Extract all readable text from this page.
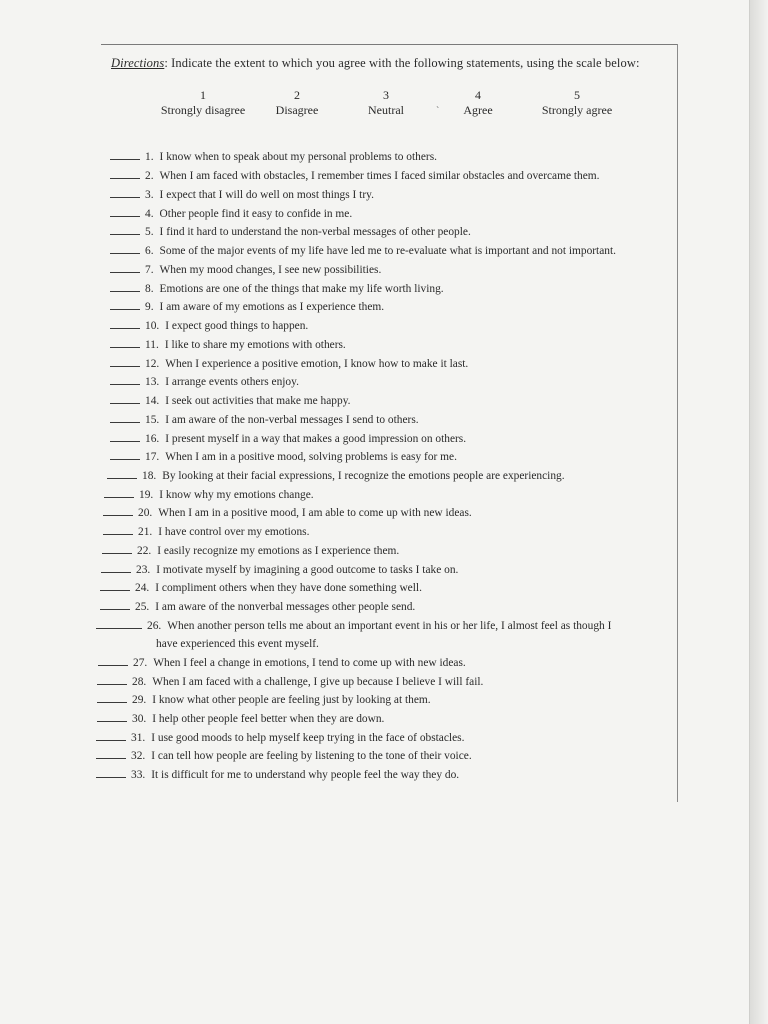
Directions: Indicate the extent to which you agree with the following statements, using the scale below:
1
Strongly disagree
2
Disagree
3
Neutral
4
Agree
5
Strongly agree
`
1. I know when to speak about my personal problems to others.
2. When I am faced with obstacles, I remember times I faced similar obstacles and overcame them.
3. I expect that I will do well on most things I try.
4. Other people find it easy to confide in me.
5. I find it hard to understand the non-verbal messages of other people.
6. Some of the major events of my life have led me to re-evaluate what is important and not important.
7. When my mood changes, I see new possibilities.
8. Emotions are one of the things that make my life worth living.
9. I am aware of my emotions as I experience them.
10. I expect good things to happen.
11. I like to share my emotions with others.
12. When I experience a positive emotion, I know how to make it last.
13. I arrange events others enjoy.
14. I seek out activities that make me happy.
15. I am aware of the non-verbal messages I send to others.
16. I present myself in a way that makes a good impression on others.
17. When I am in a positive mood, solving problems is easy for me.
18. By looking at their facial expressions, I recognize the emotions people are experiencing.
19. I know why my emotions change.
20. When I am in a positive mood, I am able to come up with new ideas.
21. I have control over my emotions.
22. I easily recognize my emotions as I experience them.
23. I motivate myself by imagining a good outcome to tasks I take on.
24. I compliment others when they have done something well.
25. I am aware of the nonverbal messages other people send.
26. When another person tells me about an important event in his or her life, I almost feel as though I
have experienced this event myself.
27. When I feel a change in emotions, I tend to come up with new ideas.
28. When I am faced with a challenge, I give up because I believe I will fail.
29. I know what other people are feeling just by looking at them.
30. I help other people feel better when they are down.
31. I use good moods to help myself keep trying in the face of obstacles.
32. I can tell how people are feeling by listening to the tone of their voice.
33. It is difficult for me to understand why people feel the way they do.
